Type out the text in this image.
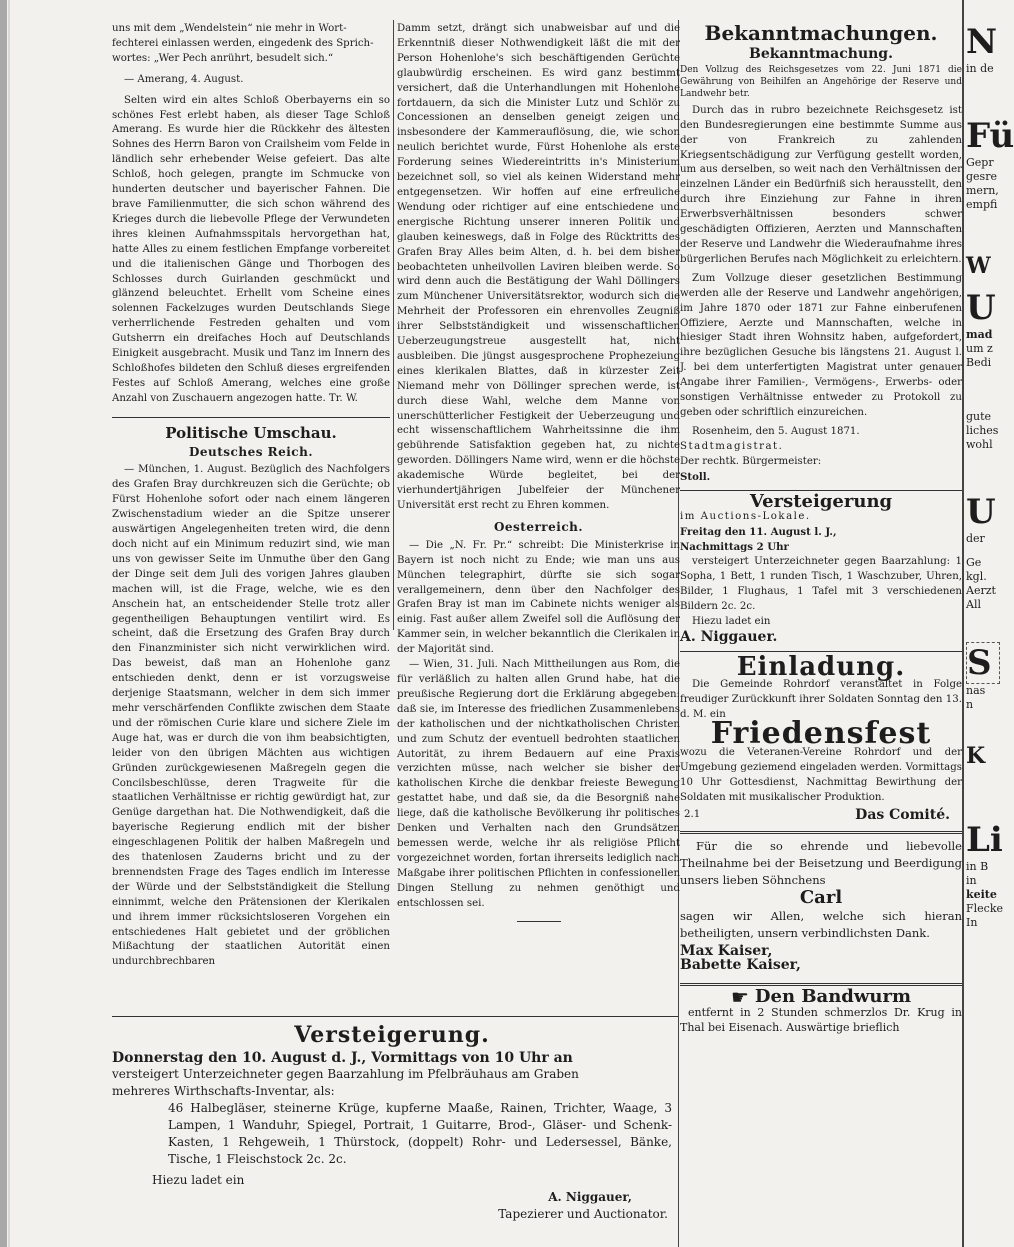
uns mit dem „Wendelstein“ nie mehr in Wort-

fechterei einlassen werden, eingedenk des Sprich-

wortes: „Wer Pech anrührt, besudelt sich.“

— Amerang, 4. August.

Selten wird ein altes Schloß Oberbayerns ein so schönes Fest erlebt haben, als dieser Tage Schloß Amerang. Es wurde hier die Rückkehr des ältesten Sohnes des Herrn Baron von Crailsheim vom Felde in ländlich sehr erhebender Weise gefeiert. Das alte Schloß, hoch gelegen, prangte im Schmucke von hunderten deutscher und bayerischer Fahnen. Die brave Familienmutter, die sich schon während des Krieges durch die liebevolle Pflege der Verwundeten ihres kleinen Aufnahmsspitals hervorgethan hat, hatte Alles zu einem festlichen Empfange vorbereitet und die italienischen Gänge und Thorbogen des Schlosses durch Guirlanden geschmückt und glänzend beleuchtet. Erhellt vom Scheine eines solennen Fackelzuges wurden Deutschlands Siege verherrlichende Festreden gehalten und vom Gutsherrn ein dreifaches Hoch auf Deutschlands Einigkeit ausgebracht. Musik und Tanz im Innern des Schloßhofes bildeten den Schluß dieses ergreifenden Festes auf Schloß Amerang, welches eine große Anzahl von Zuschauern angezogen hatte. Tr. W.

Politische Umschau.
Deutsches Reich.

— München, 1. August. Bezüglich des Nachfolgers des Grafen Bray durchkreuzen sich die Gerüchte; ob Fürst Hohenlohe sofort oder nach einem längeren Zwischenstadium wieder an die Spitze unserer auswärtigen Angelegenheiten treten wird, die denn doch nicht auf ein Minimum reduzirt sind, wie man uns von gewisser Seite im Unmuthe über den Gang der Dinge seit dem Juli des vorigen Jahres glauben machen will, ist die Frage, welche, wie es den Anschein hat, an entscheidender Stelle trotz aller gegentheiligen Behauptungen ventilirt wird. Es scheint, daß die Ersetzung des Grafen Bray durch den Finanzminister sich nicht verwirklichen wird. Das beweist, daß man an Hohenlohe ganz entschieden denkt, denn er ist vorzugsweise derjenige Staatsmann, welcher in dem sich immer mehr verschärfenden Conflikte zwischen dem Staate und der römischen Curie klare und sichere Ziele im Auge hat, was er durch die von ihm beabsichtigten, leider von den übrigen Mächten aus wichtigen Gründen zurückgewiesenen Maßregeln gegen die Concilsbeschlüsse, deren Tragweite für die staatlichen Verhältnisse er richtig gewürdigt hat, zur Genüge dargethan hat. Die Nothwendigkeit, daß die bayerische Regierung endlich mit der bisher eingeschlagenen Politik der halben Maßregeln und des thatenlosen Zauderns bricht und zu der brennendsten Frage des Tages endlich im Interesse der Würde und der Selbstständigkeit die Stellung einnimmt, welche den Prätensionen der Klerikalen und ihrem immer rücksichtsloseren Vorgehen ein entschiedenes Halt gebietet und der gröblichen Mißachtung der staatlichen Autorität einen undurchbrechbaren

Damm setzt, drängt sich unabweisbar auf und die Erkenntniß dieser Nothwendigkeit läßt die mit der Person Hohenlohe's sich beschäftigenden Gerüchte glaubwürdig erscheinen. Es wird ganz bestimmt versichert, daß die Unterhandlungen mit Hohenlohe fortdauern, da sich die Minister Lutz und Schlör zu Concessionen an denselben geneigt zeigen und insbesondere der Kammerauflösung, die, wie schon neulich berichtet wurde, Fürst Hohenlohe als erste Forderung seines Wiedereintritts in's Ministerium bezeichnet soll, so viel als keinen Widerstand mehr entgegensetzen. Wir hoffen auf eine erfreuliche Wendung oder richtiger auf eine entschiedene und energische Richtung unserer inneren Politik und glauben keineswegs, daß in Folge des Rücktritts des Grafen Bray Alles beim Alten, d. h. bei dem bisher beobachteten unheilvollen Laviren bleiben werde. So wird denn auch die Bestätigung der Wahl Döllingers zum Münchener Universitätsrektor, wodurch sich die Mehrheit der Professoren ein ehrenvolles Zeugniß ihrer Selbstständigkeit und wissenschaftlichen Ueberzeugungstreue ausgestellt hat, nicht ausbleiben. Die jüngst ausgesprochene Prophezeiung eines klerikalen Blattes, daß in kürzester Zeit Niemand mehr von Döllinger sprechen werde, ist durch diese Wahl, welche dem Manne von unerschütterlicher Festigkeit der Ueberzeugung und echt wissenschaftlichem Wahrheitssinne die ihm gebührende Satisfaktion gegeben hat, zu nichte geworden. Döllingers Name wird, wenn er die höchste akademische Würde begleitet, bei der vierhundertjährigen Jubelfeier der Münchener Universität erst recht zu Ehren kommen.

Oesterreich.

— Die „N. Fr. Pr.“ schreibt: Die Ministerkrise in Bayern ist noch nicht zu Ende; wie man uns aus München telegraphirt, dürfte sie sich sogar verallgemeinern, denn über den Nachfolger des Grafen Bray ist man im Cabinete nichts weniger als einig. Fast außer allem Zweifel soll die Auflösung der Kammer sein, in welcher bekanntlich die Clerikalen in der Majorität sind.

— Wien, 31. Juli. Nach Mittheilungen aus Rom, die für verläßlich zu halten allen Grund habe, hat die preußische Regierung dort die Erklärung abgegeben: daß sie, im Interesse des friedlichen Zusammenlebens der katholischen und der nichtkatholischen Christen und zum Schutz der eventuell bedrohten staatlichen Autorität, zu ihrem Bedauern auf eine Praxis verzichten müsse, nach welcher sie bisher der katholischen Kirche die denkbar freieste Bewegung gestattet habe, und daß sie, da die Besorgniß nahe liege, daß die katholische Bevölkerung ihr politisches Denken und Verhalten nach den Grundsätzen bemessen werde, welche ihr als religiöse Pflicht vorgezeichnet worden, fortan ihrerseits lediglich nach Maßgabe ihrer politischen Pflichten in confessionellen Dingen Stellung zu nehmen genöthigt und entschlossen sei.

Bekanntmachungen.
Bekanntmachung.

Den Vollzug des Reichsgesetzes vom 22. Juni 1871 die Gewährung von Beihilfen an Angehörige der Reserve und Landwehr betr.

Durch das in rubro bezeichnete Reichsgesetz ist den Bundesregierungen eine bestimmte Summe aus der von Frankreich zu zahlenden Kriegsentschädigung zur Verfügung gestellt worden, um aus derselben, so weit nach den Verhältnissen der einzelnen Länder ein Bedürfniß sich herausstellt, den durch ihre Einziehung zur Fahne in ihren Erwerbsverhältnissen besonders schwer geschädigten Offizieren, Aerzten und Mannschaften der Reserve und Landwehr die Wiederaufnahme ihres bürgerlichen Berufes nach Möglichkeit zu erleichtern.

Zum Vollzuge dieser gesetzlichen Bestimmung werden alle der Reserve und Landwehr angehörigen, im Jahre 1870 oder 1871 zur Fahne einberufenen Offiziere, Aerzte und Mannschaften, welche in hiesiger Stadt ihren Wohnsitz haben, aufgefordert, ihre bezüglichen Gesuche bis längstens 21. August l. J. bei dem unterfertigten Magistrat unter genauer Angabe ihrer Familien-, Vermögens-, Erwerbs- oder sonstigen Verhältnisse entweder zu Protokoll zu geben oder schriftlich einzureichen.

Rosenheim, den 5. August 1871.

Stadtmagistrat.

Der rechtk. Bürgermeister:

Stoll.

Versteigerung

im Auctions-Lokale.

Freitag den 11. August l. J.,

Nachmittags 2 Uhr

versteigert Unterzeichneter gegen Baarzahlung: 1 Sopha, 1 Bett, 1 runden Tisch, 1 Waschzuber, Uhren, Bilder, 1 Flughaus, 1 Tafel mit 3 verschiedenen Bildern 2c. 2c.

Hiezu ladet ein

A. Niggauer.

Einladung.

Die Gemeinde Rohrdorf veranstaltet in Folge freudiger Zurückkunft ihrer Soldaten Sonntag den 13. d. M. ein

Friedensfest

wozu die Veteranen-Vereine Rohrdorf und der Umgebung geziemend eingeladen werden. Vormittags 10 Uhr Gottesdienst, Nachmittag Bewirthung der Soldaten mit musikalischer Produktion.

2.1	Das Comité.

Für die so ehrende und liebevolle Theilnahme bei der Beisetzung und Beerdigung unsers lieben Söhnchens

Carl

sagen wir Allen, welche sich hieran betheiligten, unsern verbindlichsten Dank.

Max Kaiser,

Babette Kaiser,

☛ Den Bandwurm

entfernt in 2 Stunden schmerzlos Dr. Krug in Thal bei Eisenach. Auswärtige brieflich

Versteigerung.
Donnerstag den 10. August d. J., Vormittags von 10 Uhr an
versteigert Unterzeichneter gegen Baarzahlung im Pfelbräuhaus am Graben
mehreres Wirthschafts-Inventar, als:
46 Halbegläser, steinerne Krüge, kupferne Maaße, Rainen, Trichter, Waage, 3 Lampen, 1 Wanduhr, Spiegel, Portrait, 1 Guitarre, Brod-, Gläser- und Schenk-Kasten, 1 Rehgeweih, 1 Thürstock, (doppelt) Rohr- und Ledersessel, Bänke, Tische, 1 Fleischstock 2c. 2c.
Hiezu ladet ein
A. Niggauer,
Tapezierer und Auctionator.
N
in de
Fü
Gepr
gesre
mern,
empfi
W
U
mad
um z
Bedi
gute
liches
wohl
U
der
Ge
kgl.
Aerzt
All
S
nas
n
K
Li
in B
in
keite
Flecke
In
